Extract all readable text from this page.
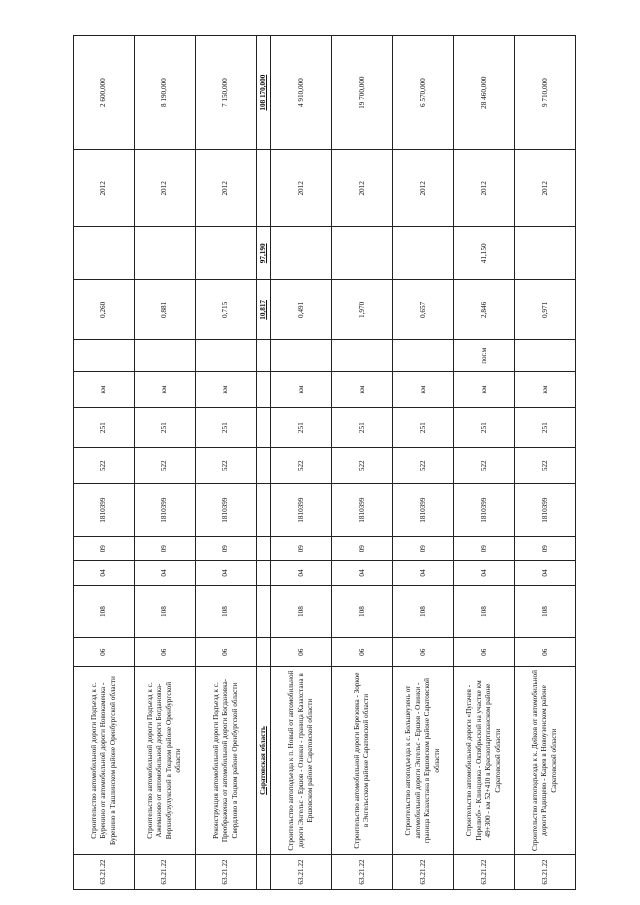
63.21.22	Строительство автомобильной дороги Подъезд к с. Буренино от автомобильной дороги Новокаменка - Буренино в Ташлинском районе Оренбургской области	06	108	04	09	1810399	522	251	км		0,260		2012	2 600,000
63.21.22	Строительство автомобильной дороги Подъезд к с. Ажеманово от автомобильной дороги Богдановка-Верхнебузулукский в Тоцком районе Оренбургской области	06	108	04	09	1810399	522	251	км		0,881		2012	8 190,000
63.21.22	Реконструкция автомобильной дороги Подъезд к с. Преображенка от автомобильной дороги Богдановка-Свердлово в Тоцком районе Оренбургской области	06	108	04	09	1810399	522	251	км		0,715		2012	7 150,000
	Саратовская область										10,817	97,190		108 170,000
63.21.22	Строительство автоподъезда к п. Новый от автомобильной дороги Энгельс - Ершов - Озинки - граница Казахстана в Ершовском районе Саратовской области	06	108	04	09	1810399	522	251	км		0,491		2012	4 910,000
63.21.22	Строительство автомобильной дороги Березовка - Зоркое в Энгельсском районе Саратовской области	06	108	04	09	1810399	522	251	км		1,970		2012	19 700,000
63.21.22	Строительство автоподъезда к с. Большеузень от автомобильной дороги Энгельс - Ершов - Озинки - граница Казахстана в Ершовском районе Саратовской области	06	108	04	09	1810399	522	251	км		0,657		2012	6 570,000
63.21.22	Строительство автомобильной дороги «Пугачев - Перелюб» - Клинцовка - Октябрьский на участке км 49+300 - км 52+410 в Краснопартизанском районе Саратовской области	06	108	04	09	1810399	522	251	км	пог.м	2,846	41,150	2012	28 460,000
63.21.22	Строительство автоподъезда к к. Дейков от автомобильной дороги Радищево - Карев в Новоузенском районе Саратовской области	06	108	04	09	1810399	522	251	км		0,971		2012	9 710,000
